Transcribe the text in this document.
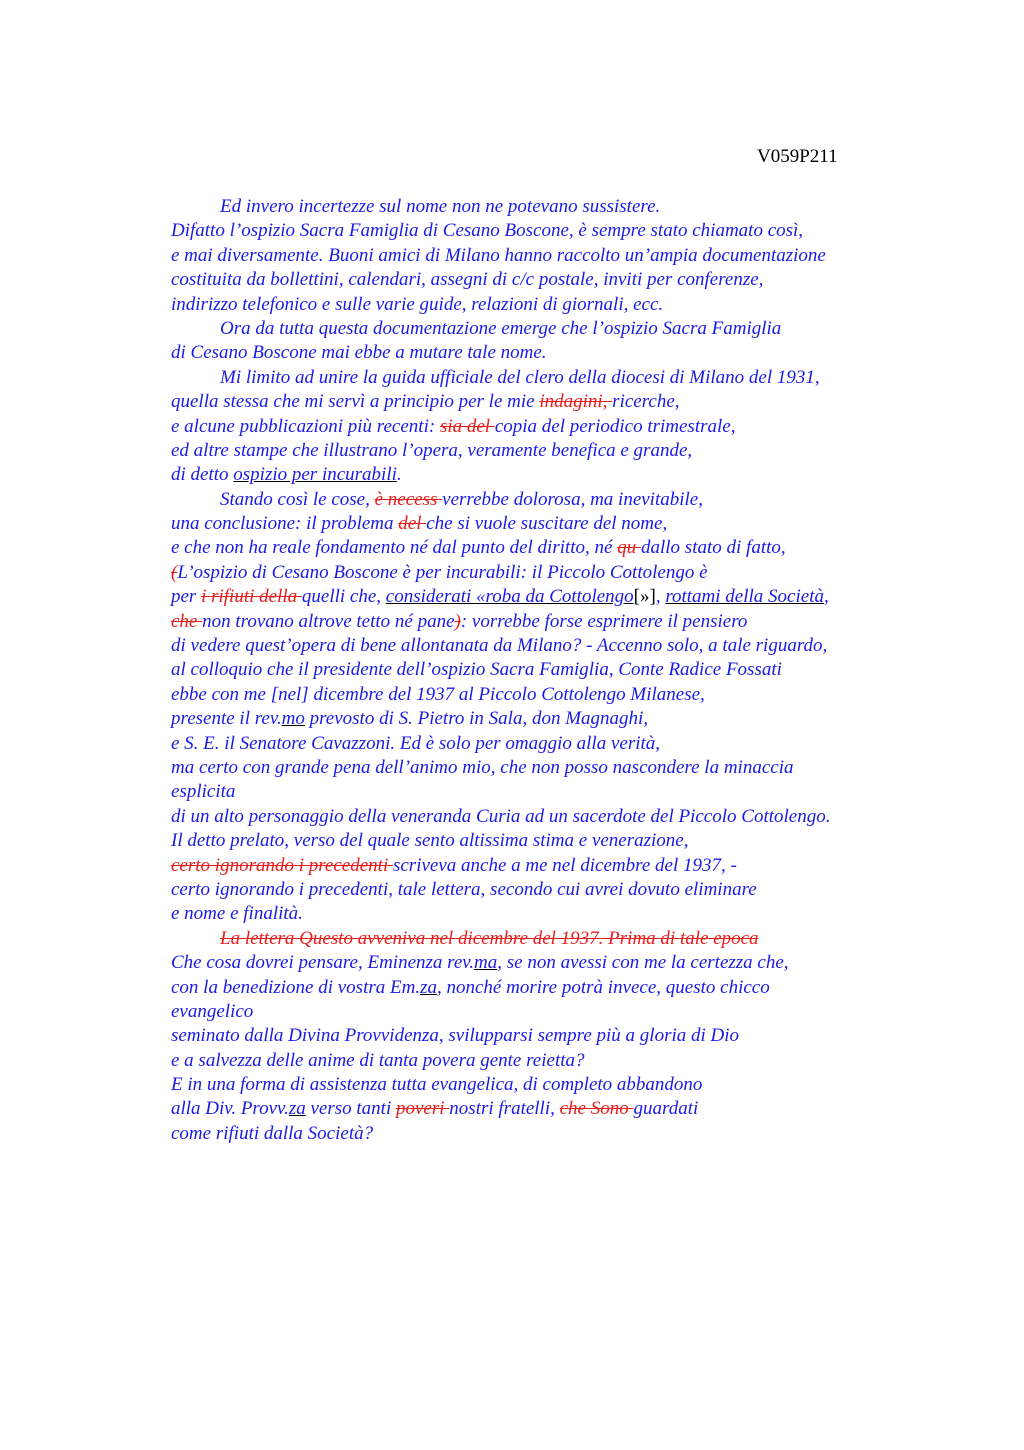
V059P211
Ed invero incertezze sul nome non ne potevano sussistere.
Difatto l’ospizio Sacra Famiglia di Cesano Boscone, è sempre stato chiamato così,
e mai diversamente. Buoni amici di Milano hanno raccolto un’ampia documentazione
costituita da bollettini, calendari, assegni di c/c postale, inviti per conferenze,
indirizzo telefonico e sulle varie guide, relazioni di giornali, ecc.
Ora da tutta questa documentazione emerge che l’ospizio Sacra Famiglia
di Cesano Boscone mai ebbe a mutare tale nome.
Mi limito ad unire la guida ufficiale del clero della diocesi di Milano del 1931,
quella stessa che mi servì a principio per le mie indagini, ricerche,
e alcune pubblicazioni più recenti: sia del copia del periodico trimestrale,
ed altre stampe che illustrano l’opera, veramente benefica e grande,
di detto ospizio per incurabili.
Stando così le cose, è necess verrebbe dolorosa, ma inevitabile,
una conclusione: il problema del che si vuole suscitare del nome,
e che non ha reale fondamento né dal punto del diritto, né qu dallo stato di fatto,
(L’ospizio di Cesano Boscone è per incurabili: il Piccolo Cottolengo è
per i rifiuti della quelli che, considerati «roba da Cottolengo[»], rottami della Società,
che non trovano altrove tetto né pane): vorrebbe forse esprimere il pensiero
di vedere quest’opera di bene allontanata da Milano? - Accenno solo, a tale riguardo,
al colloquio che il presidente dell’ospizio Sacra Famiglia, Conte Radice Fossati
ebbe con me [nel] dicembre del 1937 al Piccolo Cottolengo Milanese,
presente il rev.mo prevosto di S. Pietro in Sala, don Magnaghi,
e S. E. il Senatore Cavazzoni. Ed è solo per omaggio alla verità,
ma certo con grande pena dell’animo mio, che non posso nascondere la minaccia
esplicita
di un alto personaggio della veneranda Curia ad un sacerdote del Piccolo Cottolengo.
Il detto prelato, verso del quale sento altissima stima e venerazione,
certo ignorando i precedenti scriveva anche a me nel dicembre del 1937, -
certo ignorando i precedenti, tale lettera, secondo cui avrei dovuto eliminare
e nome e finalità.
La lettera Questo avveniva nel dicembre del 1937. Prima di tale epoca
Che cosa dovrei pensare, Eminenza rev.ma, se non avessi con me la certezza che,
con la benedizione di vostra Em.za, nonché morire potrà invece, questo chicco
evangelico
seminato dalla Divina Provvidenza, svilupparsi sempre più a gloria di Dio
e a salvezza delle anime di tanta povera gente reietta?
E in una forma di assistenza tutta evangelica, di completo abbandono
alla Div. Provv.za verso tanti poveri nostri fratelli, che Sono guardati
come rifiuti dalla Società?
